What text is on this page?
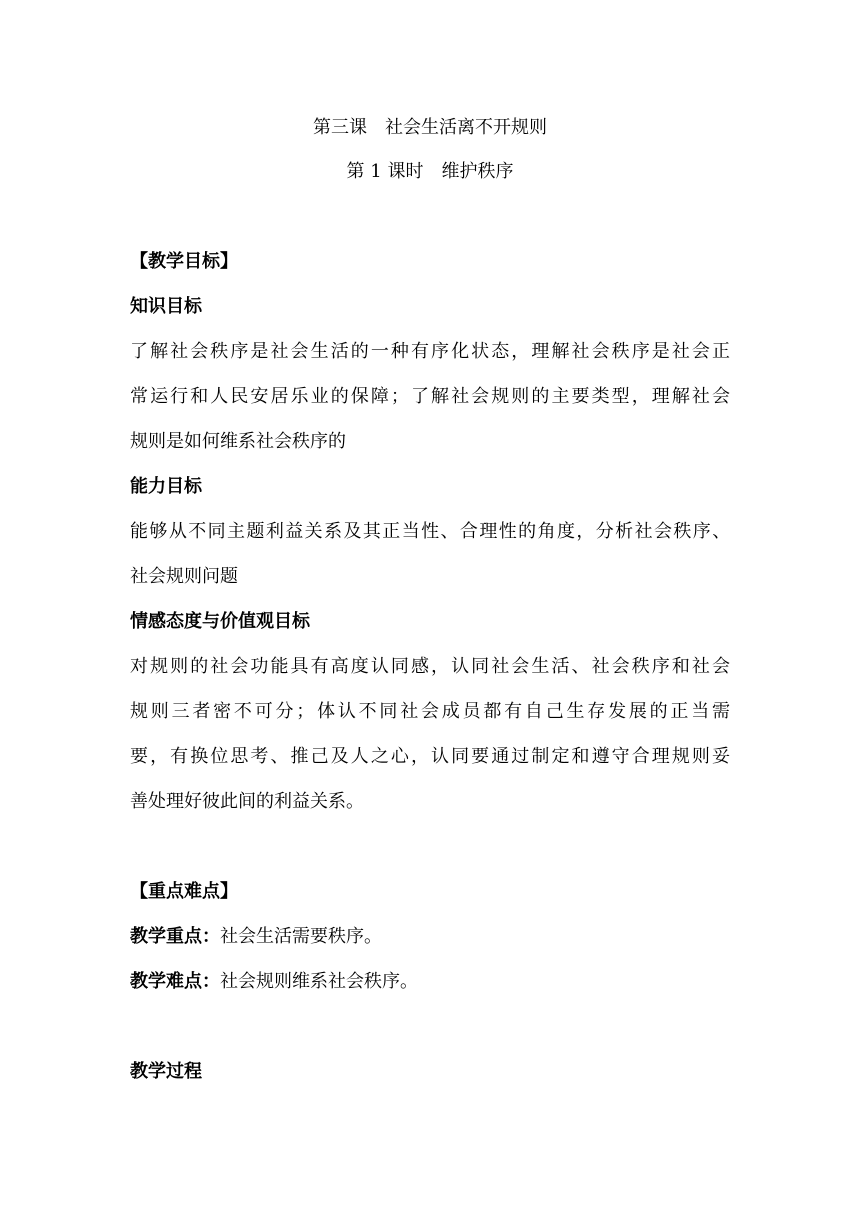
第三课　社会生活离不开规则
第 1 课时　维护秩序
【教学目标】
知识目标
了解社会秩序是社会生活的一种有序化状态，理解社会秩序是社会正
常运行和人民安居乐业的保障；了解社会规则的主要类型，理解社会
规则是如何维系社会秩序的
能力目标
能够从不同主题利益关系及其正当性、合理性的角度，分析社会秩序、
社会规则问题
情感态度与价值观目标
对规则的社会功能具有高度认同感，认同社会生活、社会秩序和社会
规则三者密不可分；体认不同社会成员都有自己生存发展的正当需
要，有换位思考、推己及人之心，认同要通过制定和遵守合理规则妥
善处理好彼此间的利益关系。
【重点难点】
教学重点：社会生活需要秩序。
教学难点：社会规则维系社会秩序。
教学过程
